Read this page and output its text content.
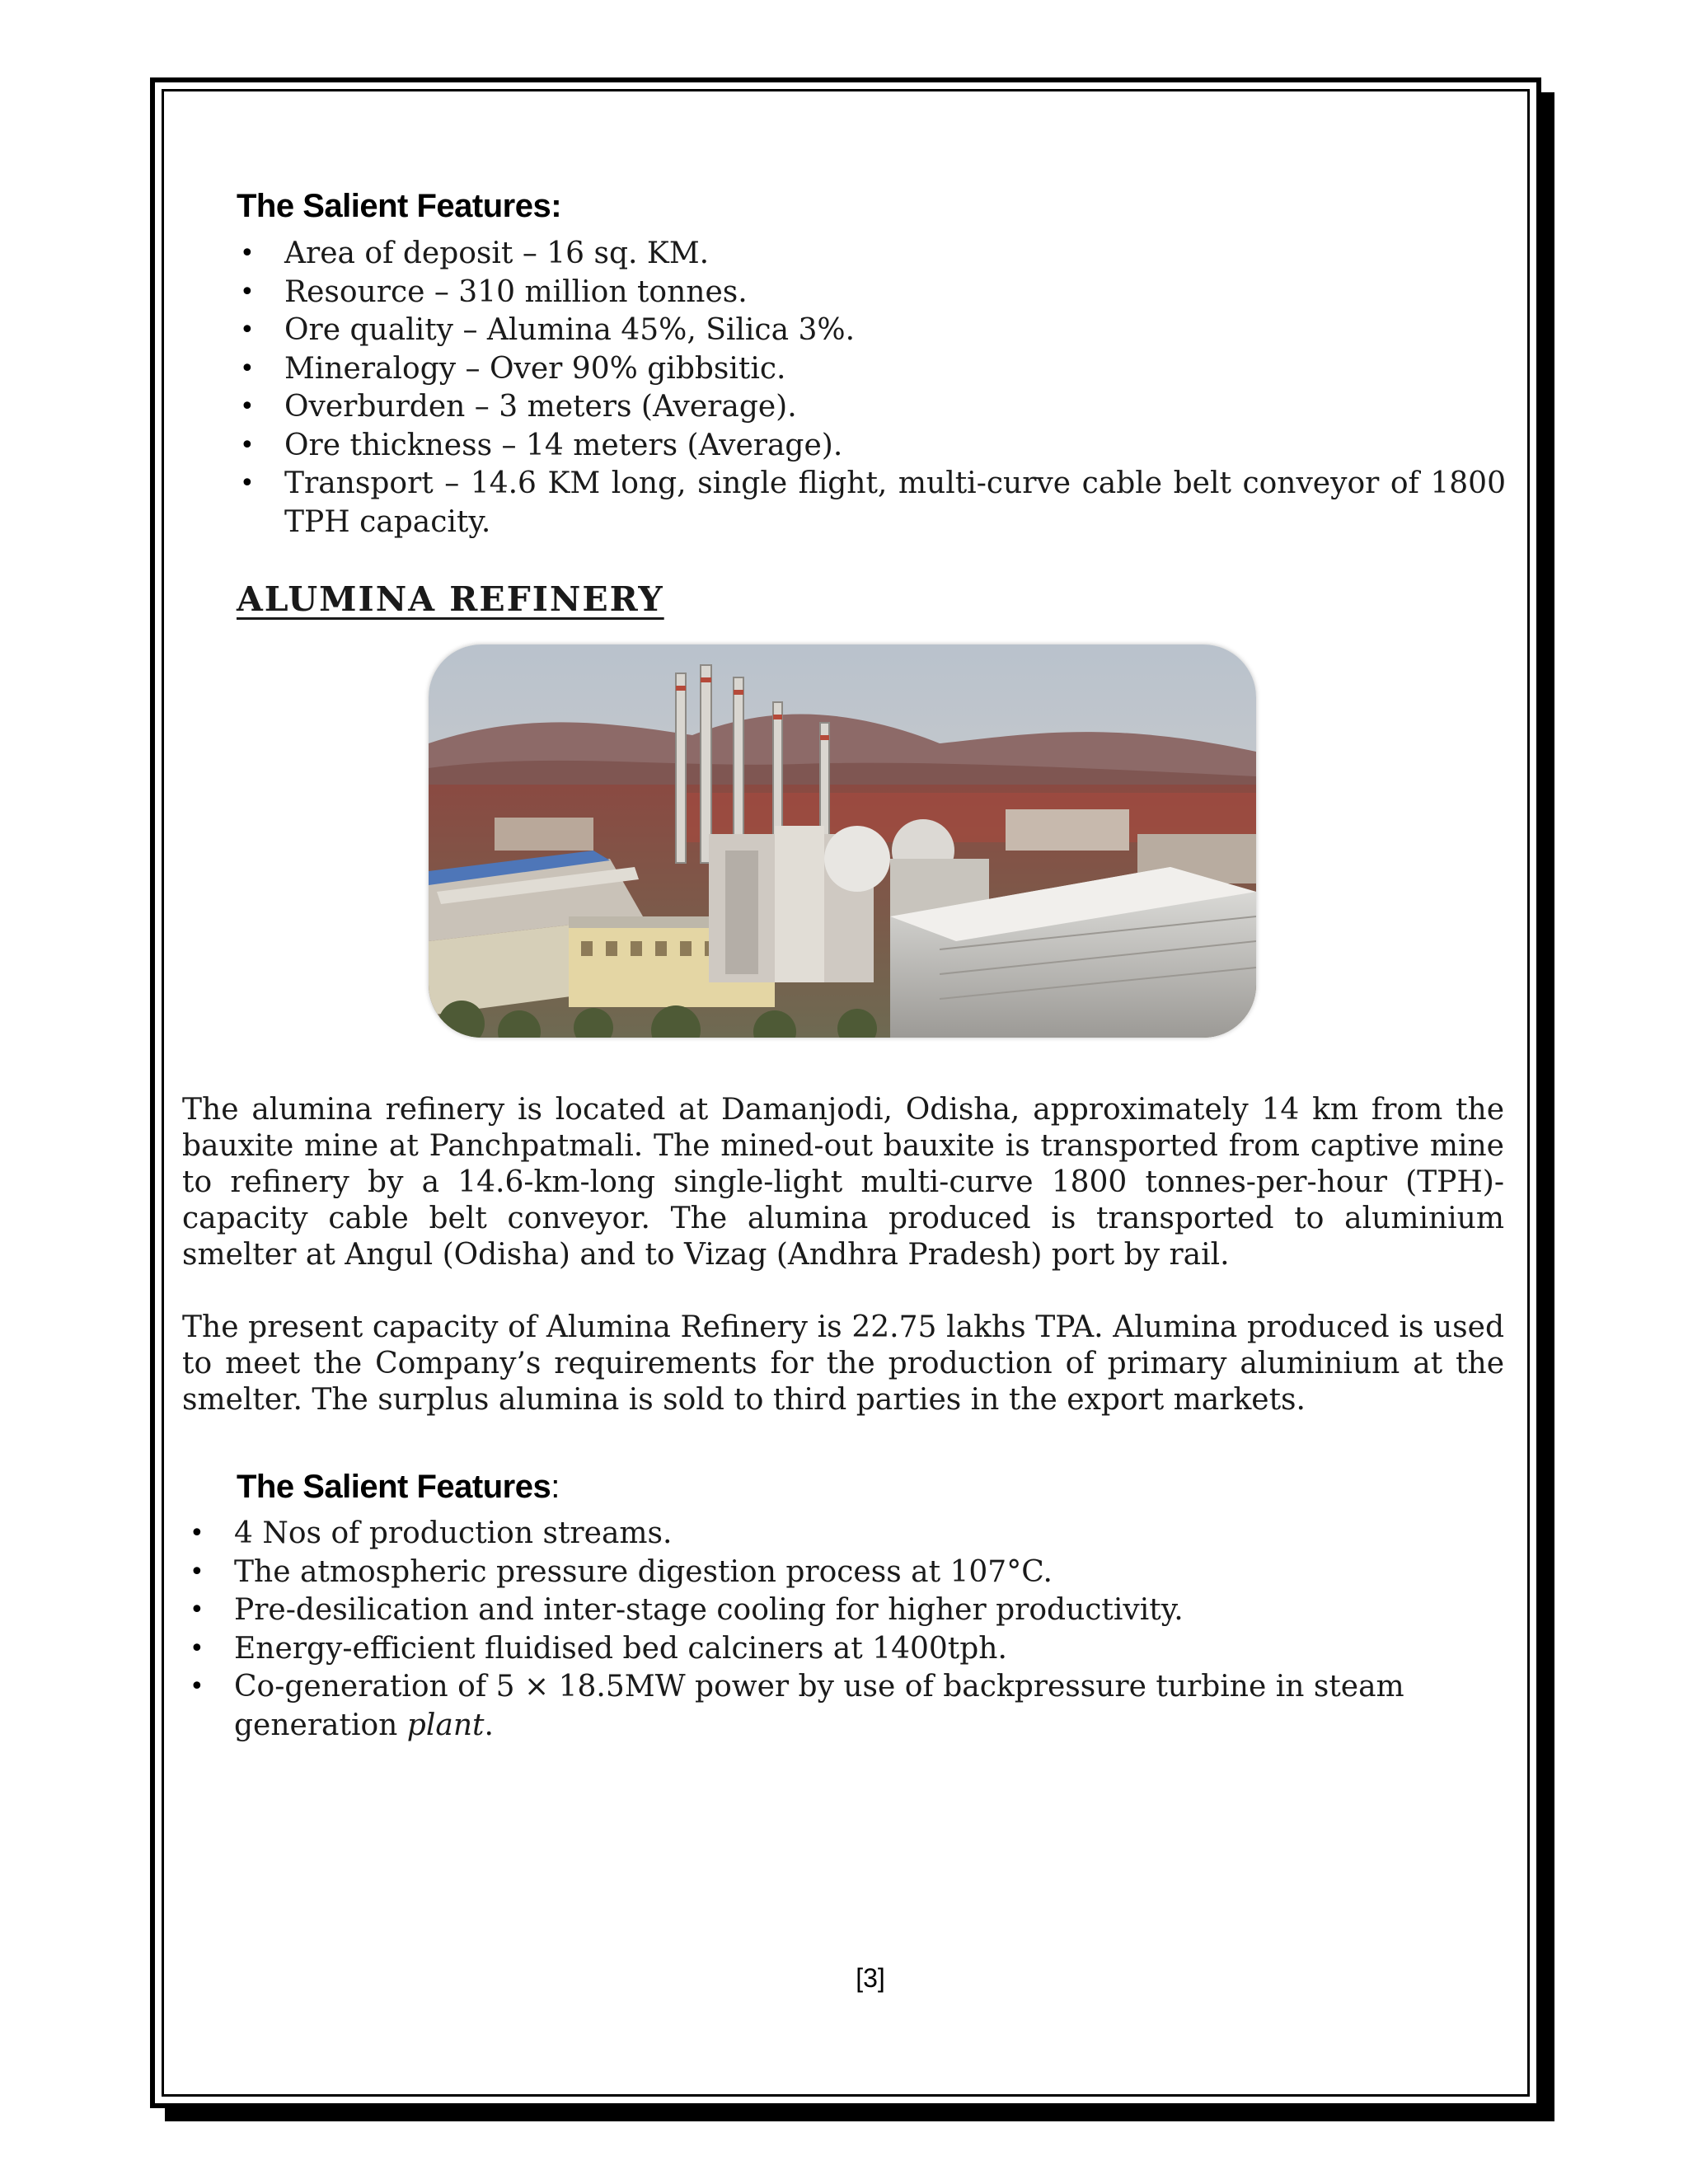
The Salient Features:
• Area of deposit – 16 sq. KM.
• Resource – 310 million tonnes.
• Ore quality – Alumina 45%, Silica 3%.
• Mineralogy – Over 90% gibbsitic.
• Overburden – 3 meters (Average).
• Ore thickness – 14 meters (Average).
• Transport – 14.6 KM long, single flight, multi-curve cable belt conveyor of 1800 TPH capacity.
ALUMINA REFINERY

The alumina refinery is located at Damanjodi, Odisha, approximately 14 km from the bauxite mine at Panchpatmali. The mined-out bauxite is transported from captive mine to refinery by a 14.6-km-long single-light multi-curve 1800 tonnes-per-hour (TPH)-capacity cable belt conveyor. The alumina produced is transported to aluminium smelter at Angul (Odisha) and to Vizag (Andhra Pradesh) port by rail.

The present capacity of Alumina Refinery is 22.75 lakhs TPA. Alumina produced is used to meet the Company’s requirements for the production of primary aluminium at the smelter. The surplus alumina is sold to third parties in the export markets.

The Salient Features:
• 4 Nos of production streams.
• The atmospheric pressure digestion process at 107°C.
• Pre-desilication and inter-stage cooling for higher productivity.
• Energy-efficient fluidised bed calciners at 1400tph.
• Co-generation of 5 × 18.5MW power by use of backpressure turbine in steam generation plant.
[3]
